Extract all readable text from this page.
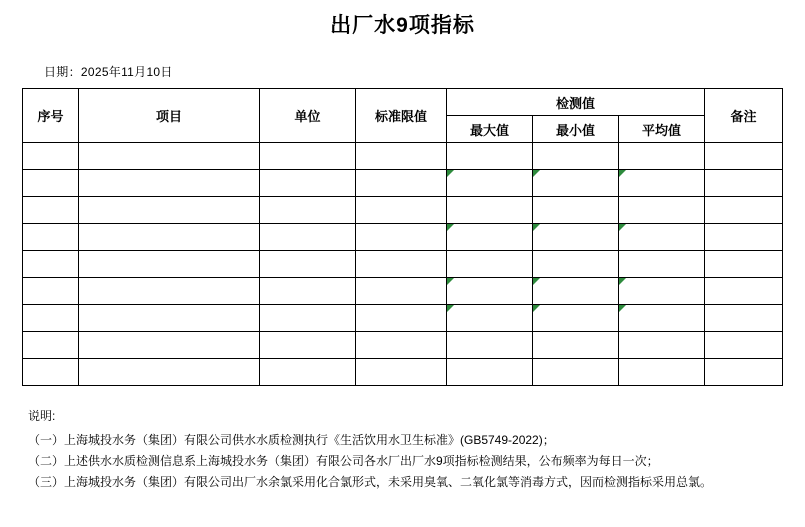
出厂水9项指标
日期：2025年11月10日
序号	项目	单位	标准限值	检测值			备注
				最大值	最小值	平均值	

说明:

（一）上海城投水务（集团）有限公司供水水质检测执行《生活饮用水卫生标准》(GB5749-2022)；

（二）上述供水水质检测信息系上海城投水务（集团）有限公司各水厂出厂水9项指标检测结果，公布频率为每日一次；

（三）上海城投水务（集团）有限公司出厂水余氯采用化合氯形式，未采用臭氧、二氧化氯等消毒方式，因而检测指标采用总氯。
